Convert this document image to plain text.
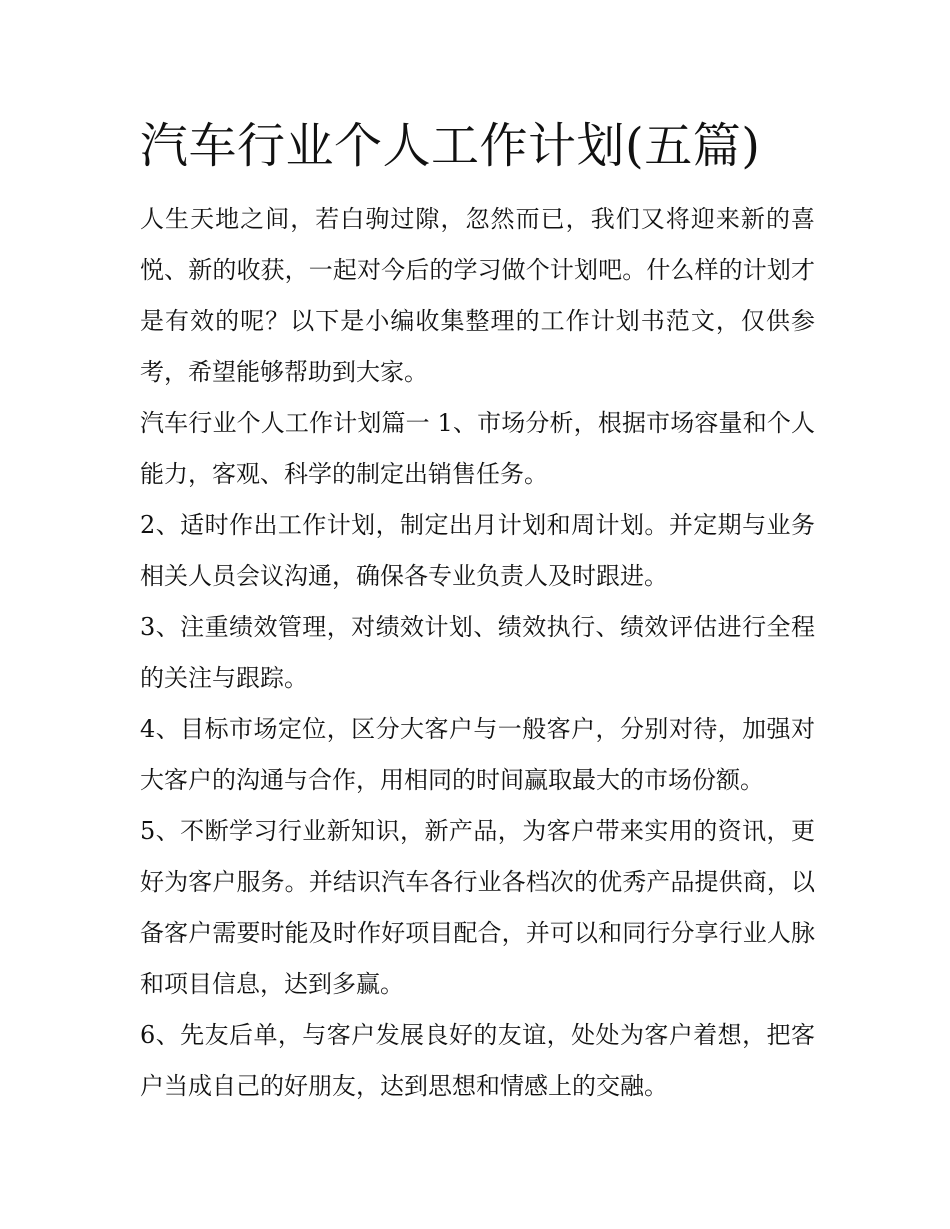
汽车行业个人工作计划(五篇)

人生天地之间，若白驹过隙，忽然而已，我们又将迎来新的喜悦、新的收获，一起对今后的学习做个计划吧。什么样的计划才是有效的呢？以下是小编收集整理的工作计划书范文，仅供参考，希望能够帮助到大家。

汽车行业个人工作计划篇一 1、市场分析，根据市场容量和个人能力，客观、科学的制定出销售任务。

2、适时作出工作计划，制定出月计划和周计划。并定期与业务相关人员会议沟通，确保各专业负责人及时跟进。

3、注重绩效管理，对绩效计划、绩效执行、绩效评估进行全程的关注与跟踪。

4、目标市场定位，区分大客户与一般客户，分别对待，加强对大客户的沟通与合作，用相同的时间赢取最大的市场份额。

5、不断学习行业新知识，新产品，为客户带来实用的资讯，更好为客户服务。并结识汽车各行业各档次的优秀产品提供商，以备客户需要时能及时作好项目配合，并可以和同行分享行业人脉和项目信息，达到多赢。

6、先友后单，与客户发展良好的友谊，处处为客户着想，把客户当成自己的好朋友，达到思想和情感上的交融。
